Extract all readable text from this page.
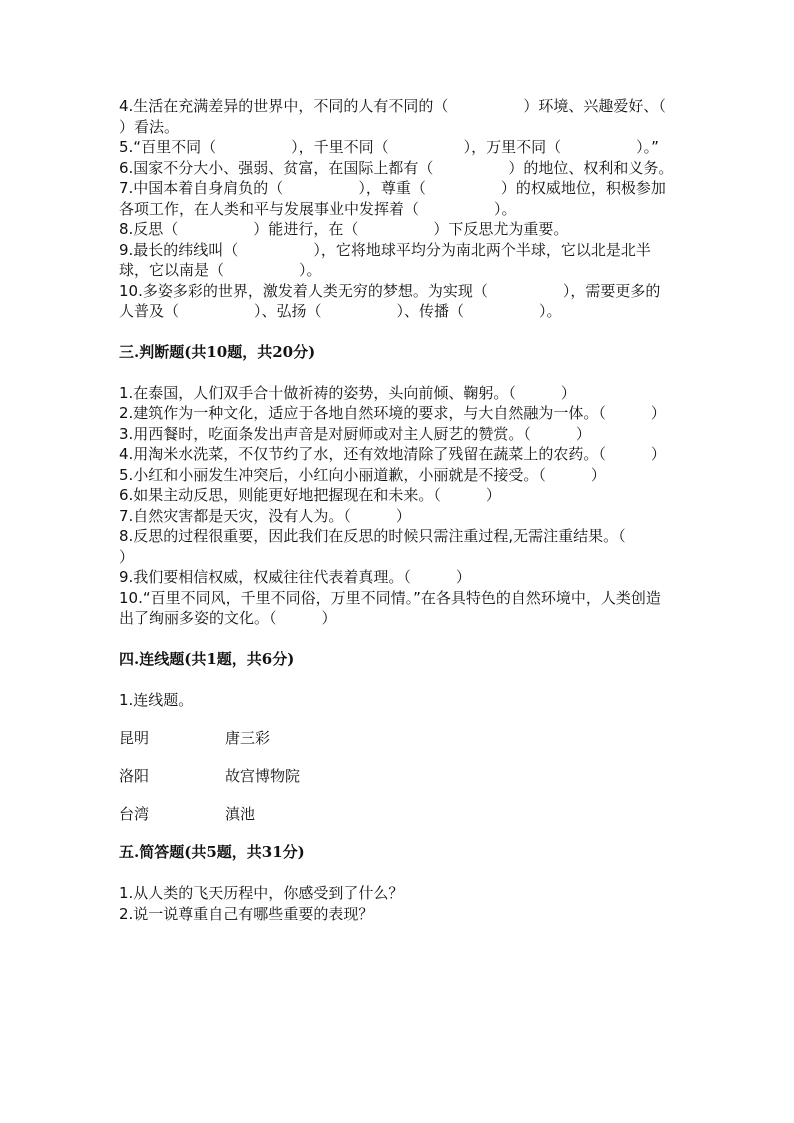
4.生活在充满差异的世界中，不同的人有不同的（　　　　　）环境、兴趣爱好、（　　　　　）看法。

5.“百里不同（　　　　　），千里不同（　　　　　），万里不同（　　　　　）。”

6.国家不分大小、强弱、贫富，在国际上都有（　　　　　）的地位、权利和义务。

7.中国本着自身肩负的（　　　　　），尊重（　　　　　）的权威地位，积极参加各项工作，在人类和平与发展事业中发挥着（　　　　　）。

8.反思（　　　　　）能进行，在（　　　　　）下反思尤为重要。

9.最长的纬线叫（　　　　　），它将地球平均分为南北两个半球，它以北是北半球，它以南是（　　　　　）。

10.多姿多彩的世界，激发着人类无穷的梦想。为实现（　　　　　），需要更多的人普及（　　　　　）、弘扬（　　　　　）、传播（　　　　　）。

三.判断题(共10题，共20分)

1.在泰国，人们双手合十做祈祷的姿势，头向前倾、鞠躬。（　　　）

2.建筑作为一种文化，适应于各地自然环境的要求，与大自然融为一体。（　　　）

3.用西餐时，吃面条发出声音是对厨师或对主人厨艺的赞赏。（　　　）

4.用淘米水洗菜，不仅节约了水，还有效地清除了残留在蔬菜上的农药。（　　　）

5.小红和小丽发生冲突后，小红向小丽道歉，小丽就是不接受。（　　　）

6.如果主动反思，则能更好地把握现在和未来。（　　　）

7.自然灾害都是天灾，没有人为。（　　　）

8.反思的过程很重要，因此我们在反思的时候只需注重过程,无需注重结果。（　　　）

9.我们要相信权威，权威往往代表着真理。（　　　）

10.“百里不同风，千里不同俗，万里不同情。”在各具特色的自然环境中，人类创造出了绚丽多姿的文化。（　　　）

四.连线题(共1题，共6分)

1.连线题。

昆明	唐三彩
洛阳	故宫博物院
台湾	滇池
五.简答题(共5题，共31分)

1.从人类的飞天历程中，你感受到了什么？

2.说一说尊重自己有哪些重要的表现？
